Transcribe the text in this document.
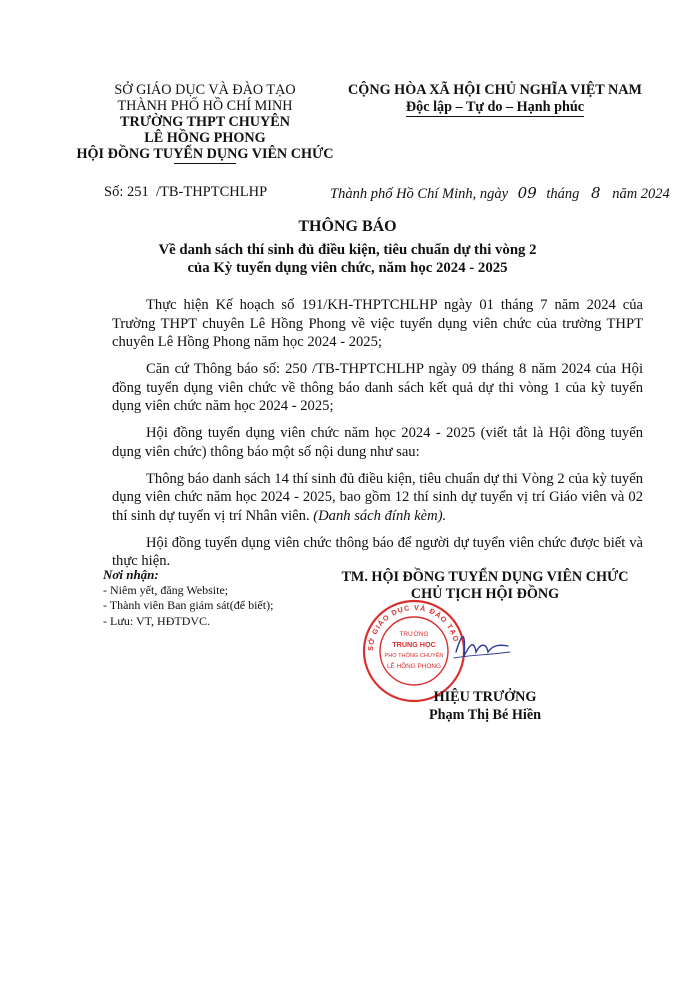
SỞ GIÁO DỤC VÀ ĐÀO TẠO
THÀNH PHỐ HỒ CHÍ MINH
TRƯỜNG THPT CHUYÊN
LÊ HỒNG PHONG
HỘI ĐỒNG TUYỂN DỤNG VIÊN CHỨC
CỘNG HÒA XÃ HỘI CHỦ NGHĨA VIỆT NAM
Độc lập – Tự do – Hạnh phúc
Số: 251 /TB-THPTCHLHP	Thành phố Hồ Chí Minh, ngày 09 tháng 8 năm 2024
THÔNG BÁO
Về danh sách thí sinh đủ điều kiện, tiêu chuẩn dự thi vòng 2
của Kỳ tuyển dụng viên chức, năm học 2024 - 2025

Thực hiện Kế hoạch số 191/KH-THPTCHLHP ngày 01 tháng 7 năm 2024 của Trường THPT chuyên Lê Hồng Phong về việc tuyển dụng viên chức của trường THPT chuyên Lê Hồng Phong năm học 2024 - 2025;

Căn cứ Thông báo số: 250 /TB-THPTCHLHP ngày 09 tháng 8 năm 2024 của Hội đồng tuyển dụng viên chức về thông báo danh sách kết quả dự thi vòng 1 của kỳ tuyển dụng viên chức năm học 2024 - 2025;

Hội đồng tuyển dụng viên chức năm học 2024 - 2025 (viết tắt là Hội đồng tuyển dụng viên chức) thông báo một số nội dung như sau:

Thông báo danh sách 14 thí sinh đủ điều kiện, tiêu chuẩn dự thi Vòng 2 của kỳ tuyển dụng viên chức năm học 2024 - 2025, bao gồm 12 thí sinh dự tuyển vị trí Giáo viên và 02 thí sinh dự tuyển vị trí Nhân viên. (Danh sách đính kèm).

Hội đồng tuyển dụng viên chức thông báo để người dự tuyển viên chức được biết và thực hiện.

Nơi nhận:
- Niêm yết, đăng Website;
- Thành viên Ban giám sát(để biết);
- Lưu: VT, HĐTDVC.
TM. HỘI ĐỒNG TUYỂN DỤNG VIÊN CHỨC
CHỦ TỊCH HỘI ĐỒNG
SỞ GIÁO DỤC VÀ ĐÀO TẠO
TRƯỜNG
TRUNG HỌC
PHỔ THÔNG CHUYÊN
LÊ HỒNG PHONG
HIỆU TRƯỞNG
Phạm Thị Bé Hiền
